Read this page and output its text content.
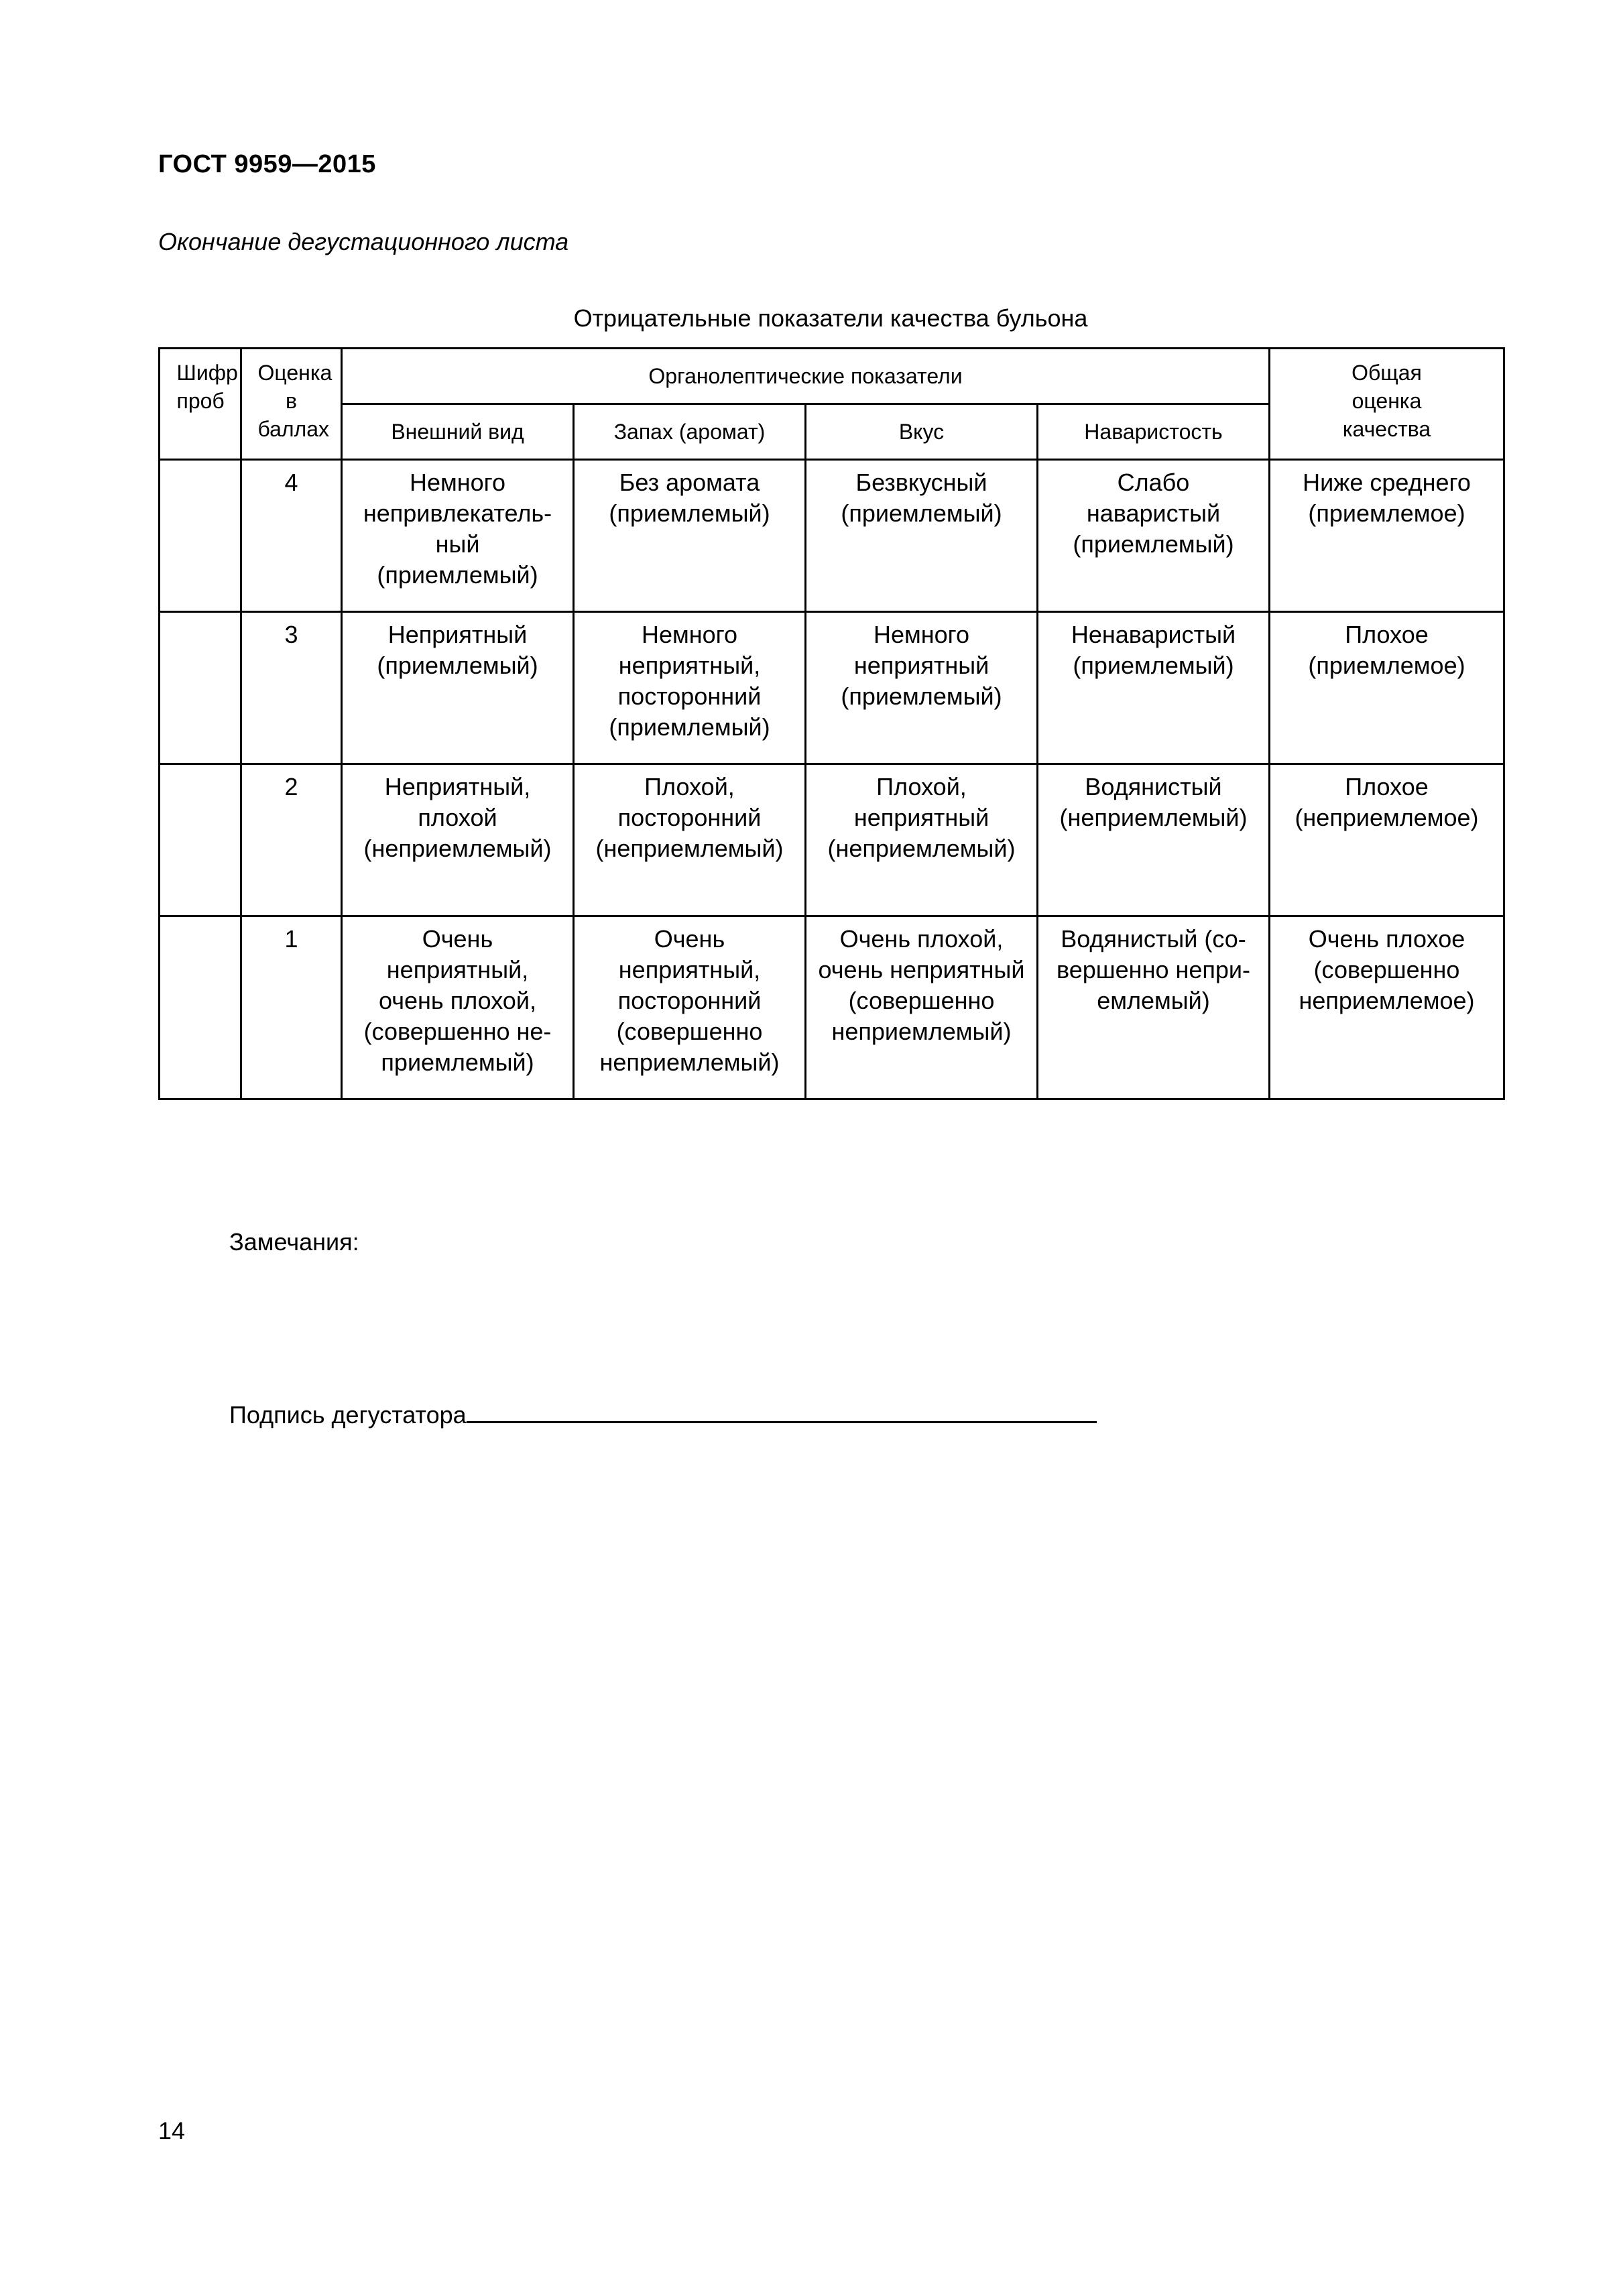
ГОСТ 9959—2015
Окончание дегустационного листа
Отрицательные показатели качества бульона
Шифр проб	Оценка в баллах	Органолептические показатели				Общая оценка качества

		Внешний вид	Запах (аромат)	Вкус	Наваристость	
	4	Немного непривлекатель-ный (приемлемый)	Без аромата (приемлемый)	Безвкусный (приемлемый)	Слабо наваристый (приемлемый)	Ниже среднего (приемлемое)

	3	Неприятный (приемлемый)	Немного неприятный, посторонний (приемлемый)	Немного неприятный (приемлемый)	Ненаваристый (приемлемый)	Плохое (приемлемое)

	2	Неприятный, плохой (неприемлемый)	Плохой, посторонний (неприемлемый)	Плохой, неприятный (неприемлемый)	Водянистый (неприемлемый)	Плохое (неприемлемое)

	1	Очень неприятный, очень плохой, (совершенно не-приемлемый)	Очень неприятный, посторонний (совершенно неприемлемый)	Очень плохой, очень неприятный (совершенно неприемлемый)	Водянистый (со-вершенно непри-емлемый)	Очень плохое (совершенно неприемлемое)
Замечания:
Подпись дегустатора
14
